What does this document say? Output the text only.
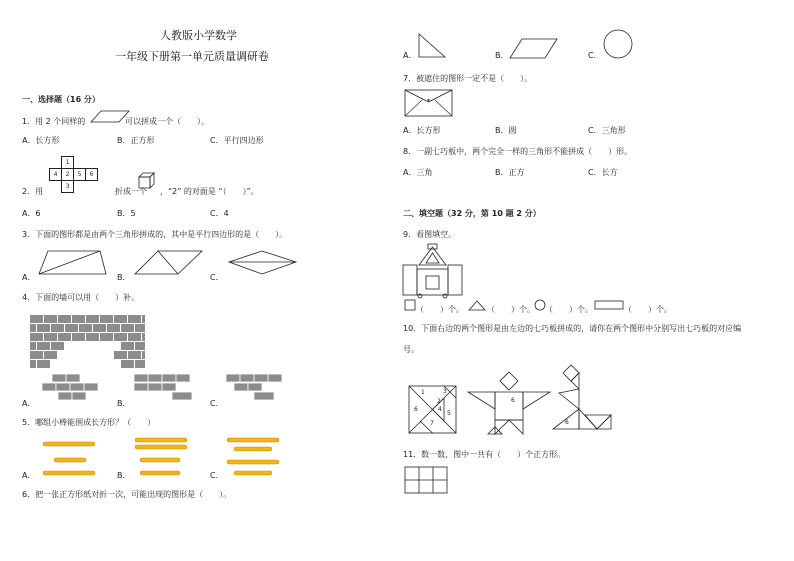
人教版小学数学
一年级下册第一单元质量调研卷
一、选择题（16 分）
1．用 2 个同样的	可以拼成一个（　　）。
A．长方形	B．正方形	C．平行四边形
2．用
1
4	2	5	6
3
折成一个 ，“2” 的对面是 “（　　）”。
A．6	B．5	C．4
3．下面的图形都是由两个三角形拼成的，其中是平行四边形的是（　　）。
A．	B．	C．
4．下面的墙可以用（　　）补。
A．	B．	C．
5．哪组小棒能围成长方形？（　　）
A．	B．	C．
6．把一张正方形纸对折一次，可能出现的图形是（　　）。
A．	B．	C．
7．被遮住的图形一定不是（　　）。
A．长方形	B．圆	C．三角形
8．一副七巧板中，两个完全一样的三角形不能拼成（　　）形。
A．三角	B．正方	C．长方
二、填空题（32 分，第 10 题 2 分）
9．看图填空。
（　　）个。	（　　）个。 （　　）个。	（　　）个。
10．下面右边的两个图形是由左边的七巧板拼成的，请你在两个图形中分别写出七巧板的对应编
号。
1	3
2
4
5
6
7
6
6
11．数一数，图中一共有（　　）个正方形。
